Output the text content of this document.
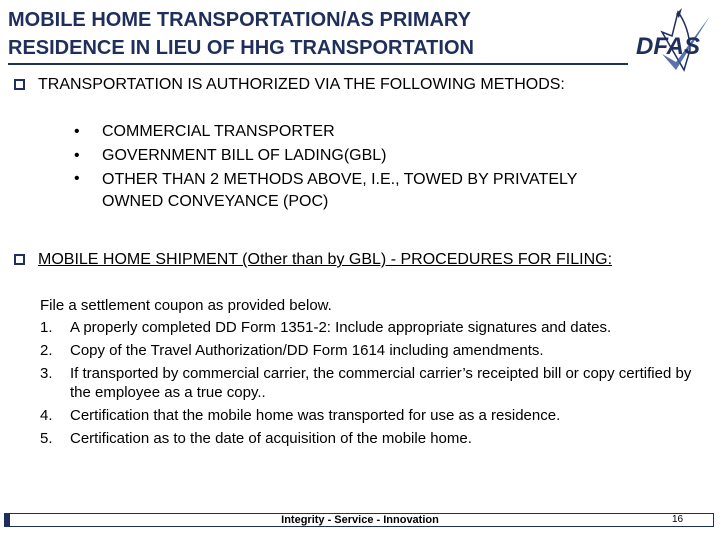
MOBILE HOME TRANSPORTATION/AS PRIMARY
RESIDENCE IN LIEU OF HHG TRANSPORTATION	DFAS
TRANSPORTATION IS AUTHORIZED VIA THE FOLLOWING METHODS:
• COMMERCIAL TRANSPORTER
• GOVERNMENT BILL OF LADING(GBL)
• OTHER THAN 2 METHODS ABOVE, I.E., TOWED BY PRIVATELY OWNED CONVEYANCE (POC)
MOBILE HOME SHIPMENT (Other than by GBL) - PROCEDURES FOR FILING:
File a settlement coupon as provided below.
1. A properly completed DD Form 1351-2: Include appropriate signatures and dates.
2. Copy of the Travel Authorization/DD Form 1614 including amendments.
3. If transported by commercial carrier, the commercial carrier’s receipted bill or copy certified by the employee as a true copy..
4. Certification that the mobile home was transported for use as a residence.
5. Certification as to the date of acquisition of the mobile home.
Integrity - Service - Innovation	16
